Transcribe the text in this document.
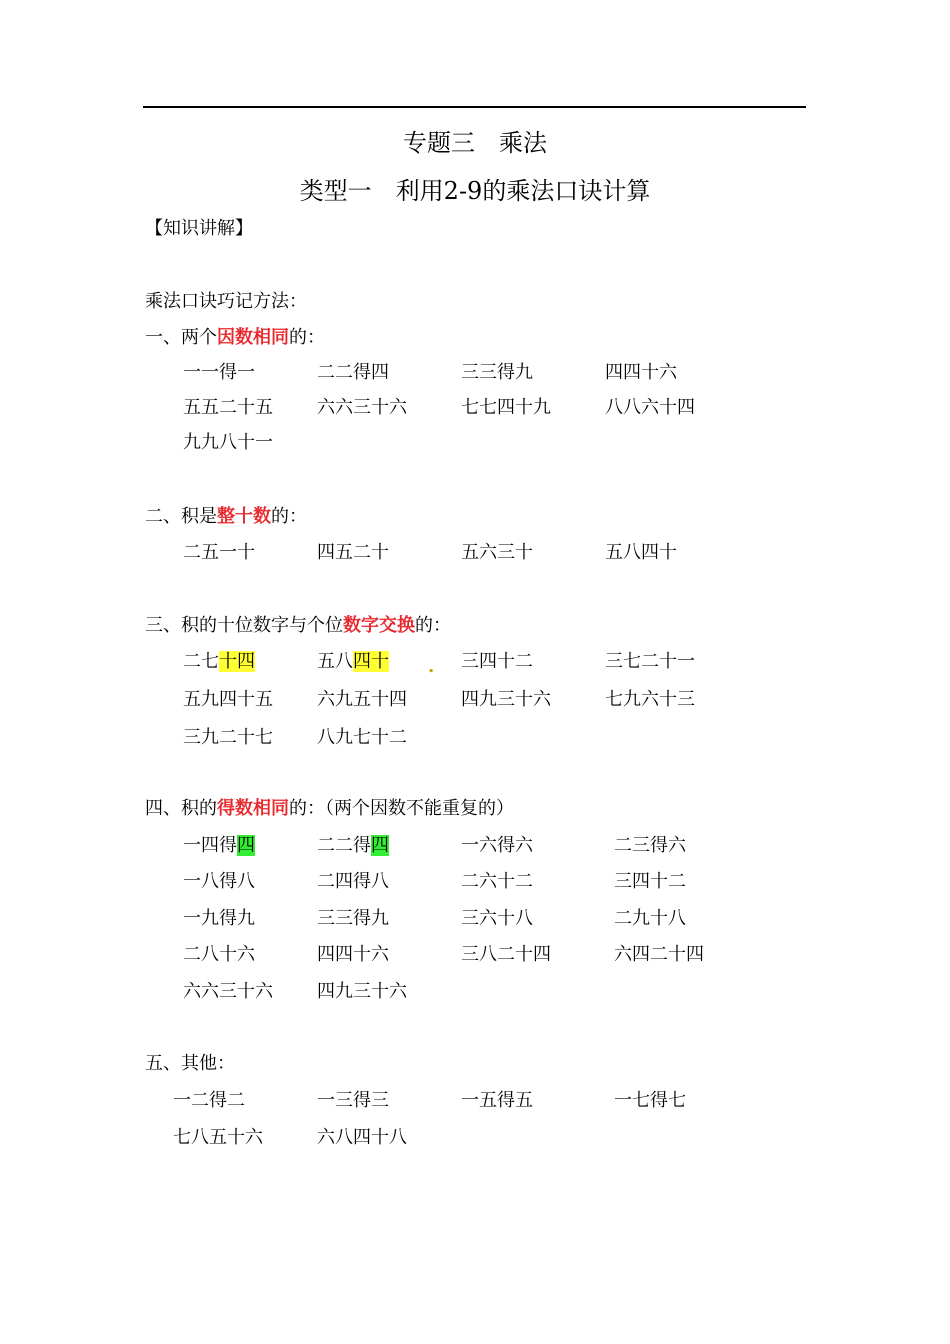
专题三　乘法
类型一　利用2-9的乘法口诀计算
【知识讲解】
乘法口诀巧记方法：
一、两个因数相同的：
一一得一	二二得四	三三得九	四四十六
五五二十五 六六三十六	七七四十九	八八六十四
九九八十一
二、积是整十数的：
二五一十	四五二十	五六三十	五八四十
三、积的十位数字与个位数字交换的：
二七十四	五八四十 . 三四十二	三七二十一
五九四十五 六九五十四	四九三十六	七九六十三
三九二十七 八九七十二
四、积的得数相同的：（两个因数不能重复的）
一四得四	二二得四	一六得六	二三得六
一八得八	二四得八	二六十二	三四十二
一九得九	三三得九	三六十八	二九十八
二八十六	四四十六	三八二十四	六四二十四
六六三十六 四九三十六
五、其他：
一二得二	一三得三	一五得五	一七得七
七八五十六	六八四十八
